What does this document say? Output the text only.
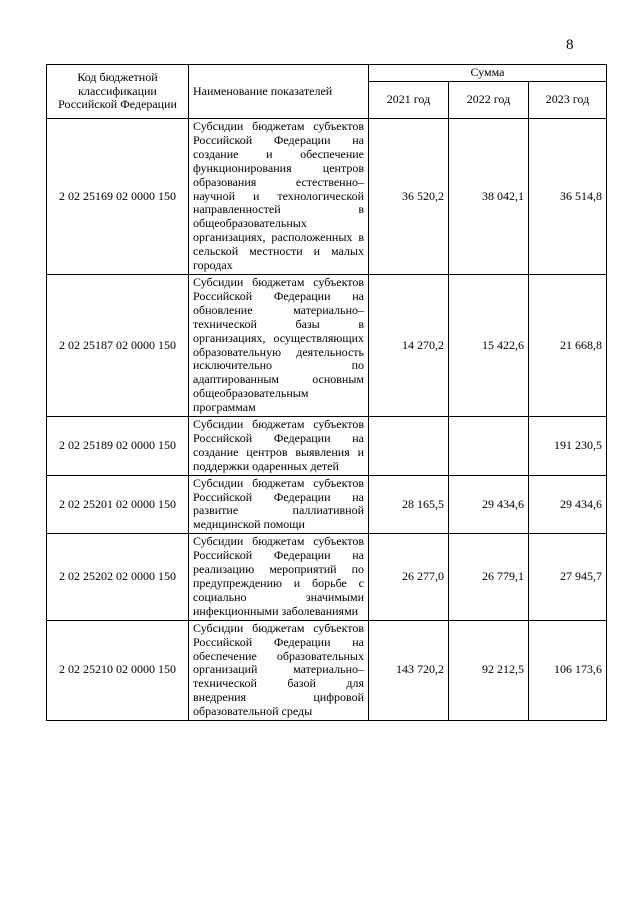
8
Код бюджетной классификации Российской Федерации	Наименование показателей	Сумма		
		2021 год	2022 год	2023 год
2 02 25169 02 0000 150	Субсидии бюджетам субъектов Российской Федерации на создание и обеспечение функционирования центров образования естественно–научной и технологической направленностей в общеобразовательных организациях, расположенных в сельской местности и малых городах	36 520,2	38 042,1	36 514,8
2 02 25187 02 0000 150	Субсидии бюджетам субъектов Российской Федерации на обновление материально–технической базы в организациях, осуществляющих образовательную деятельность исключительно по адаптированным основным общеобразовательным программам	14 270,2	15 422,6	21 668,8
2 02 25189 02 0000 150	Субсидии бюджетам субъектов Российской Федерации на создание центров выявления и поддержки одаренных детей			191 230,5
2 02 25201 02 0000 150	Субсидии бюджетам субъектов Российской Федерации на развитие паллиативной медицинской помощи	28 165,5	29 434,6	29 434,6
2 02 25202 02 0000 150	Субсидии бюджетам субъектов Российской Федерации на реализацию мероприятий по предупреждению и борьбе с социально значимыми инфекционными заболеваниями	26 277,0	26 779,1	27 945,7
2 02 25210 02 0000 150	Субсидии бюджетам субъектов Российской Федерации на обеспечение образовательных организаций материально–технической базой для внедрения цифровой образовательной среды	143 720,2	92 212,5	106 173,6
